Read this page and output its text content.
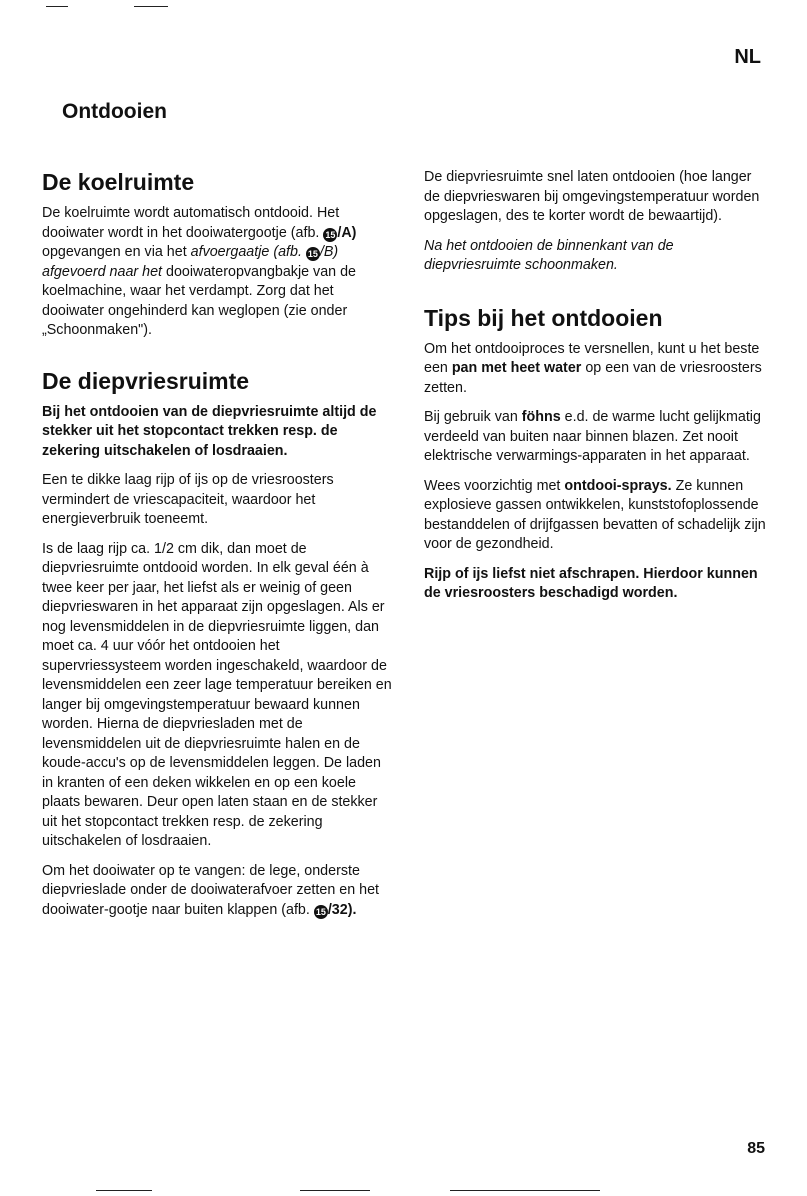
NL
Ontdooien
De koelruimte

De koelruimte wordt automatisch ontdooid. Het dooiwater wordt in het dooiwatergootje (afb. 15 /A) opgevangen en via het afvoergaatje (afb. 15 /B) afgevoerd naar het dooiwateropvangbakje van de koelmachine, waar het verdampt. Zorg dat het dooiwater ongehinderd kan weglopen (zie onder „Schoonmaken").

De diepvriesruimte

Bij het ontdooien van de diepvriesruimte altijd de stekker uit het stopcontact trekken resp. de zekering uitschakelen of losdraaien.

Een te dikke laag rijp of ijs op de vriesroosters vermindert de vriescapaciteit, waardoor het energieverbruik toeneemt.

Is de laag rijp ca. 1/2 cm dik, dan moet de diepvriesruimte ontdooid worden. In elk geval één à twee keer per jaar, het liefst als er weinig of geen diepvrieswaren in het apparaat zijn opgeslagen. Als er nog levensmiddelen in de diepvriesruimte liggen, dan moet ca. 4 uur vóór het ontdooien het supervriessysteem worden ingeschakeld, waardoor de levensmiddelen een zeer lage temperatuur bereiken en langer bij omgevingstemperatuur bewaard kunnen worden. Hierna de diepvriesladen met de levensmiddelen uit de diepvriesruimte halen en de koude-accu's op de levensmiddelen leggen. De laden in kranten of een deken wikkelen en op een koele plaats bewaren. Deur open laten staan en de stekker uit het stopcontact trekken resp. de zekering uitschakelen of losdraaien.

Om het dooiwater op te vangen: de lege, onderste diepvrieslade onder de dooiwaterafvoer zetten en het dooiwater-gootje naar buiten klappen (afb. 15 /32).

De diepvriesruimte snel laten ontdooien (hoe langer de diepvrieswaren bij omgevingstemperatuur worden opgeslagen, des te korter wordt de bewaartijd).

Na het ontdooien de binnenkant van de diepvriesruimte schoonmaken.

Tips bij het ontdooien

Om het ontdooiproces te versnellen, kunt u het beste een pan met heet water op een van de vriesroosters zetten.

Bij gebruik van föhns e.d. de warme lucht gelijkmatig verdeeld van buiten naar binnen blazen. Zet nooit elektrische verwarmings-apparaten in het apparaat.

Wees voorzichtig met ontdooi-sprays. Ze kunnen explosieve gassen ontwikkelen, kunststofoplossende bestanddelen of drijfgassen bevatten of schadelijk zijn voor de gezondheid.

Rijp of ijs liefst niet afschrapen. Hierdoor kunnen de vriesroosters beschadigd worden.

85
